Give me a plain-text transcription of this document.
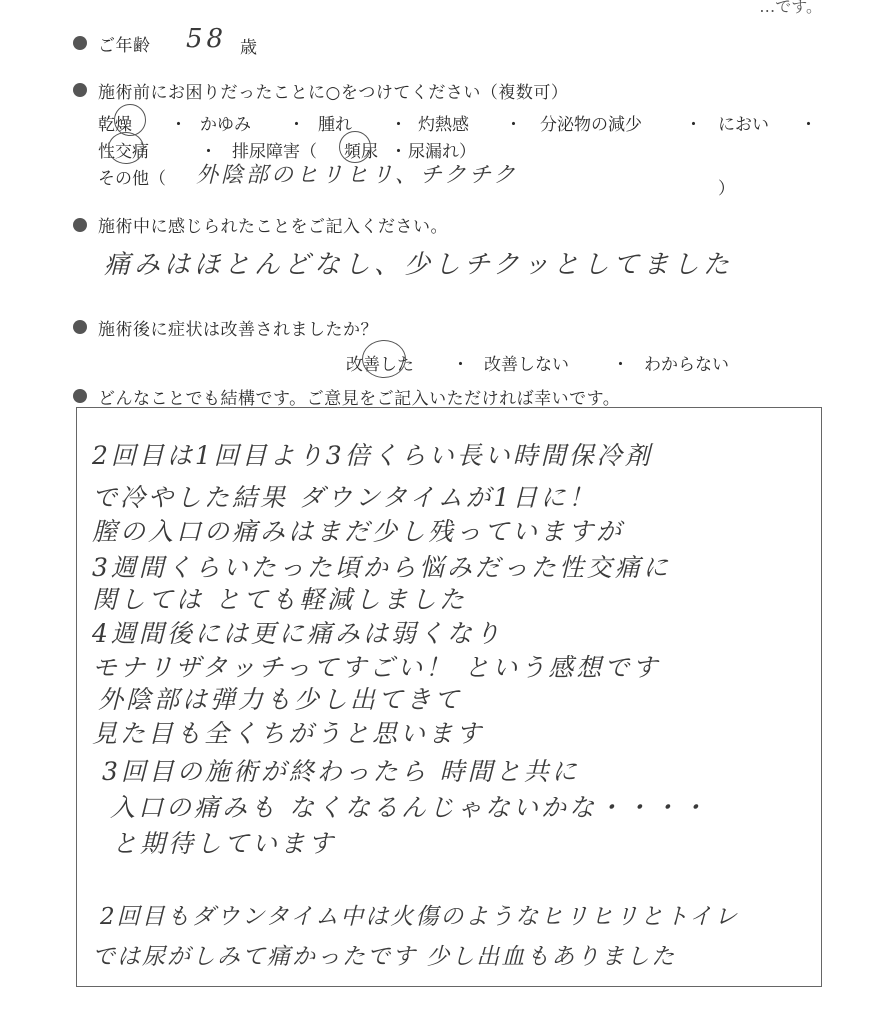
…です。
ご年齢 58 歳
施術前にお困りだったことに○をつけてください（複数可）
乾燥 ・ かゆみ ・ 腫れ ・ 灼熱感 ・ 分泌物の減少	・ におい ・
性交痛	・ 排尿障害（ 頻尿 ・ 尿漏れ）
その他（ 外陰部のヒリヒリ、チクチク
）
施術中に感じられたことをご記入ください。
痛みはほとんどなし、少しチクッとしてました
施術後に症状は改善されましたか？
改善した ・ 改善しない	・ わからない
どんなことでも結構です。ご意見をご記入いただければ幸いです。
2回目は1回目より3倍くらい長い時間保冷剤
で冷やした結果 ダウンタイムが1日に！
膣の入口の痛みはまだ少し残っていますが
3週間くらいたった頃から悩みだった性交痛に
関しては とても軽減しました
4週間後には更に痛みは弱くなり
モナリザタッチってすごい！ という感想です
外陰部は弾力も少し出てきて
見た目も全くちがうと思います
3回目の施術が終わったら 時間と共に
入口の痛みも なくなるんじゃないかな・・・・
と期待しています
2回目もダウンタイム中は火傷のようなヒリヒリとトイレ
では尿がしみて痛かったです 少し出血もありました
